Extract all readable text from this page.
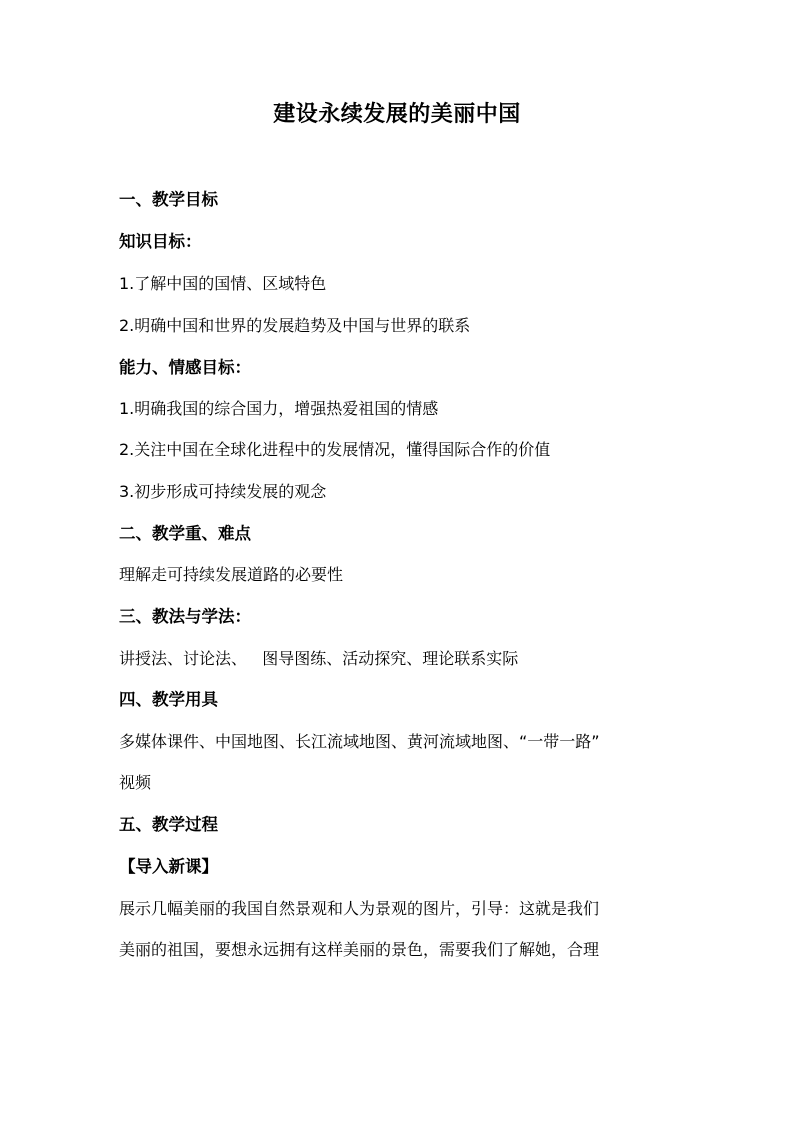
建设永续发展的美丽中国
一、教学目标
知识目标：
1.了解中国的国情、区域特色
2.明确中国和世界的发展趋势及中国与世界的联系
能力、情感目标：
1.明确我国的综合国力，增强热爱祖国的情感
2.关注中国在全球化进程中的发展情况，懂得国际合作的价值
3.初步形成可持续发展的观念
二、教学重、难点
理解走可持续发展道路的必要性
三、教法与学法：
讲授法、讨论法、   图导图练、活动探究、理论联系实际
四、教学用具
多媒体课件、中国地图、长江流域地图、黄河流域地图、“一带一路”
视频
五、教学过程
【导入新课】
展示几幅美丽的我国自然景观和人为景观的图片，引导：这就是我们
美丽的祖国，要想永远拥有这样美丽的景色，需要我们了解她，合理
